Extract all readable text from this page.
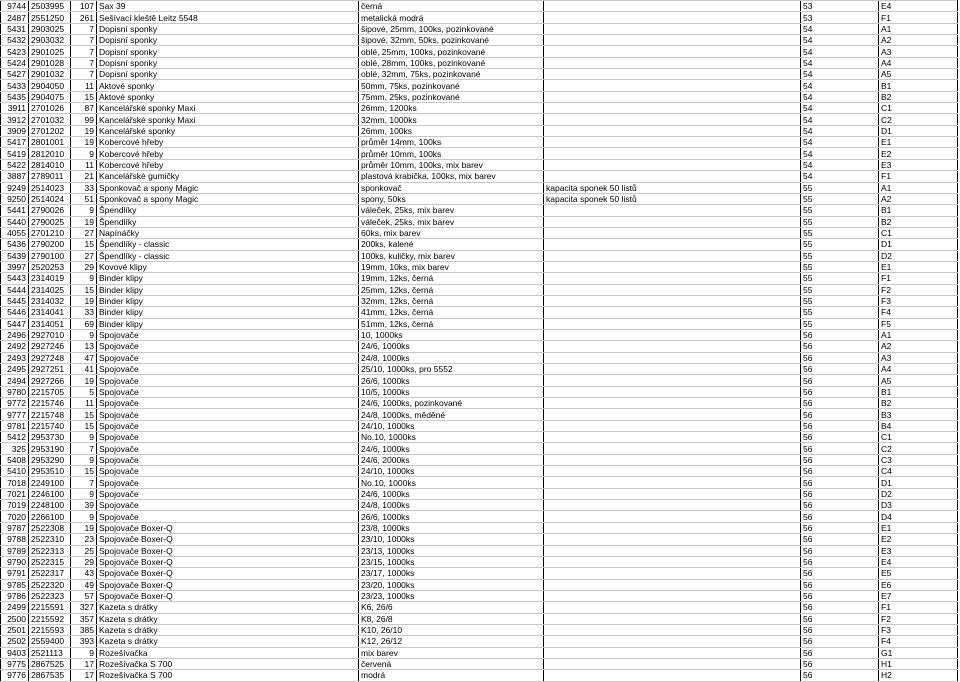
9744	2503995	107	Sax 39	černá		53	E4
2487	2551250	261	Sešívací kleště Leitz 5548	metalická modrá		53	F1
5431	2903025	7	Dopisní sponky	šipové, 25mm, 100ks, pozinkované		54	A1
5432	2903032	7	Dopisní sponky	šipové, 32mm, 50ks, pozinkované		54	A2
5423	2901025	7	Dopisní sponky	oblé, 25mm, 100ks, pozinkované		54	A3
5424	2901028	7	Dopisní sponky	oblé, 28mm, 100ks, pozinkované		54	A4
5427	2901032	7	Dopisní sponky	oblé, 32mm, 75ks, pozinkované		54	A5
5433	2904050	11	Aktové sponky	50mm, 75ks, pozinkované		54	B1
5435	2904075	15	Aktové sponky	75mm, 25ks, pozinkované		54	B2
3911	2701026	87	Kancelářské sponky Maxi	26mm, 1200ks		54	C1
3912	2701032	99	Kancelářské sponky Maxi	32mm, 1000ks		54	C2
3909	2701202	19	Kancelářské sponky	26mm, 100ks		54	D1
5417	2801001	19	Kobercové hřeby	průměr 14mm, 100ks		54	E1
5419	2812010	9	Kobercové hřeby	průměr 10mm, 100ks		54	E2
5422	2814010	11	Kobercové hřeby	průměr 10mm, 100ks, mix barev		54	E3
3887	2789011	21	Kancelářské gumičky	plastová krabička, 100ks, mix barev		54	F1
9249	2514023	33	Sponkovač a spony Magic	sponkovač	kapacita sponek 50 listů	55	A1
9250	2514024	51	Sponkovač a spony Magic	spony, 50ks	kapacita sponek 50 listů	55	A2
5441	2790026	9	Špendlíky	váleček, 25ks, mix barev		55	B1
5440	2790025	19	Špendlíky	váleček, 25ks, mix barev		55	B2
4055	2701210	27	Napínáčky	60ks, mix barev		55	C1
5436	2790200	15	Špendlíky - classic	200ks, kalené		55	D1
5439	2790100	27	Špendlíky - classic	100ks, kuličky, mix barev		55	D2
3997	2520253	29	Kovové klipy	19mm, 10ks, mix barev		55	E1
5443	2314019	9	Binder klipy	19mm, 12ks, černá		55	F1
5444	2314025	15	Binder klipy	25mm, 12ks, černá		55	F2
5445	2314032	19	Binder klipy	32mm, 12ks, černá		55	F3
5446	2314041	33	Binder klipy	41mm, 12ks, černá		55	F4
5447	2314051	69	Binder klipy	51mm, 12ks, černá		55	F5
2496	2927010	9	Spojovače	10, 1000ks		56	A1
2492	2927246	13	Spojovače	24/6, 1000ks		56	A2
2493	2927248	47	Spojovače	24/8, 1000ks		56	A3
2495	2927251	41	Spojovače	25/10, 1000ks, pro 5552		56	A4
2494	2927266	19	Spojovače	26/6, 1000ks		56	A5
9780	2215705	5	Spojovače	10/5, 1000ks		56	B1
9772	2215746	11	Spojovače	24/6, 1000ks, pozinkované		56	B2
9777	2215748	15	Spojovače	24/8, 1000ks, měděné		56	B3
9781	2215740	15	Spojovače	24/10, 1000ks		56	B4
5412	2953730	9	Spojovače	No.10, 1000ks		56	C1
325	2953190	7	Spojovače	24/6, 1000ks		56	C2
5408	2953290	9	Spojovače	24/6, 2000ks		56	C3
5410	2953510	15	Spojovače	24/10, 1000ks		56	C4
7018	2249100	7	Spojovače	No.10, 1000ks		56	D1
7021	2246100	9	Spojovače	24/6, 1000ks		56	D2
7019	2248100	39	Spojovače	24/8, 1000ks		56	D3
7020	2266100	9	Spojovače	26/6, 1000ks		56	D4
9787	2522308	19	Spojovače Boxer-Q	23/8, 1000ks		56	E1
9788	2522310	23	Spojovače Boxer-Q	23/10, 1000ks		56	E2
9789	2522313	25	Spojovače Boxer-Q	23/13, 1000ks		56	E3
9790	2522315	29	Spojovače Boxer-Q	23/15, 1000ks		56	E4
9791	2522317	43	Spojovače Boxer-Q	23/17, 1000ks		56	E5
9785	2522320	49	Spojovače Boxer-Q	23/20, 1000ks		56	E6
9786	2522323	57	Spojovače Boxer-Q	23/23, 1000ks		56	E7
2499	2215591	327	Kazeta s drátky	K6, 26/6		56	F1
2500	2215592	357	Kazeta s drátky	K8, 26/8		56	F2
2501	2215593	385	Kazeta s drátky	K10, 26/10		56	F3
2502	2559400	393	Kazeta s drátky	K12, 26/12		56	F4
9403	2521113	9	Rozešívačka	mix barev		56	G1
9775	2867525	17	Rozešívačka S 700	červená		56	H1
9776	2867535	17	Rozešívačka S 700	modrá		56	H2
